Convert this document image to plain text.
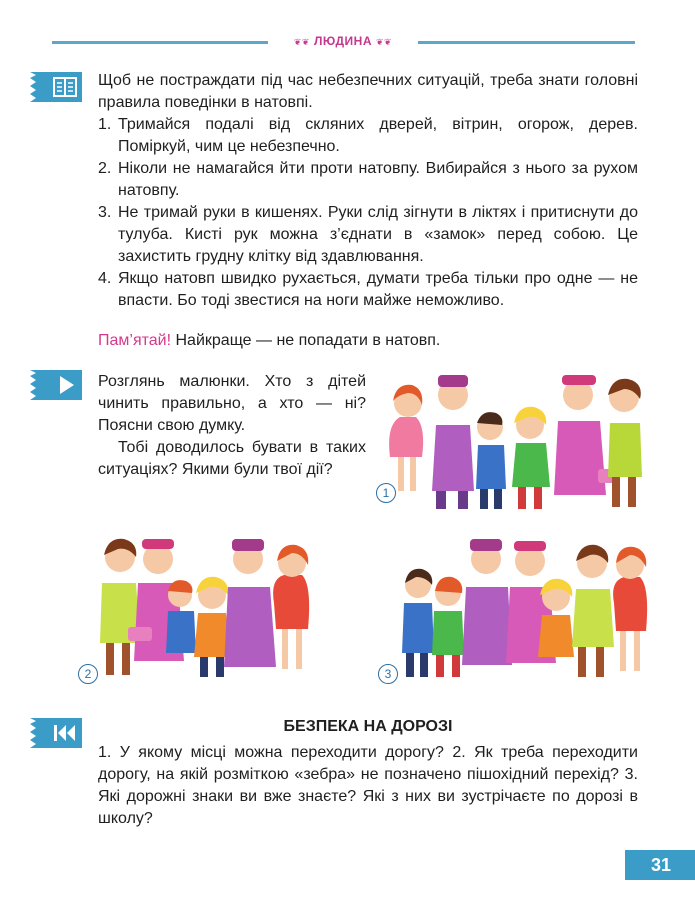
❦❦ ЛЮДИНА ❦❦

Щоб не постраждати під час небезпечних ситуацій, треба знати головні правила поведінки в натовпі.

1. Тримайся подалі від скляних дверей, вітрин, огорож, дерев. Поміркуй, чим це небезпечно.
2. Ніколи не намагайся йти проти натовпу. Вибирайся з нього за рухом натовпу.
3. Не тримай руки в кишенях. Руки слід зігнути в ліктях і притиснути до тулуба. Кисті рук можна з’єднати в «замок» перед собою. Це захистить грудну клітку від здавлювання.
4. Якщо натовп швидко рухається, думати треба тільки про одне — не впасти. Бо тоді звестися на ноги майже неможливо.
Пам’ятай! Найкраще — не попадати в натовп.

Розглянь малюнки. Хто з дітей чинить правильно, а хто — ні? Поясни свою думку.

Тобі доводилось бувати в таких ситуаціях? Якими були твої дії?

1
2	3
БЕЗПЕКА НА ДОРОЗІ

1. У якому місці можна переходити дорогу? 2. Як треба переходити дорогу, на якій розміткою «зебра» не позначено пішохідний перехід? 3. Які дорожні знаки ви вже знаєте? Які з них ви зустрічаєте по дорозі в школу?

31
